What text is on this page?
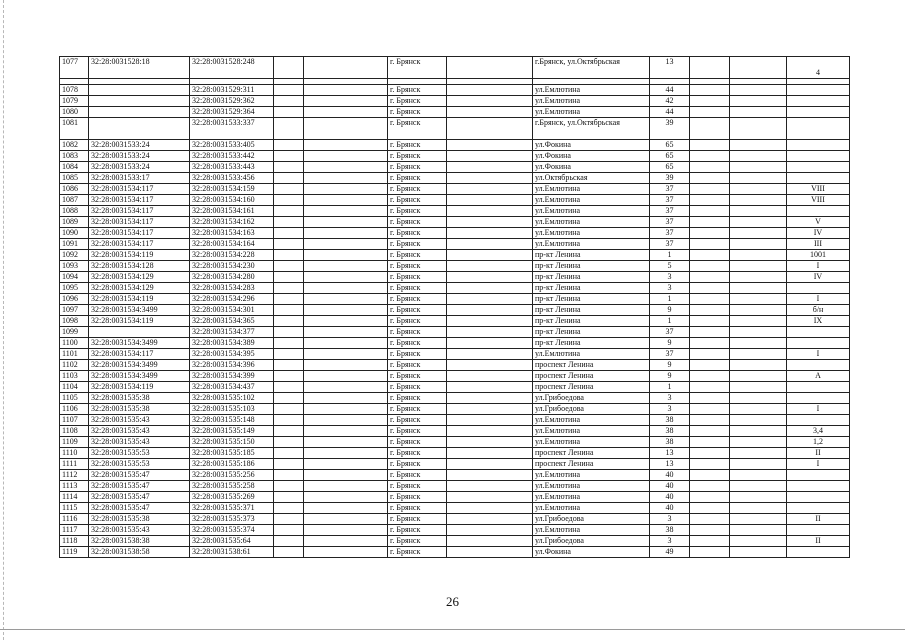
1077	32:28:0031528:18	32:28:0031528:248			г. Брянск		г.Брянск, ул.Октябрьская	13			4

1078		32:28:0031529:311			г. Брянск		ул.Емлютина	44			
1079		32:28:0031529:362			г. Брянск		ул.Емлютина	42			
1080		32:28:0031529:364			г. Брянск		ул.Емлютина	44			
1081		32:28:0031533:337			г. Брянск		г.Брянск, ул.Октябрьская	39			
1082	32:28:0031533:24	32:28:0031533:405			г. Брянск		ул.Фокина	65			
1083	32:28:0031533:24	32:28:0031533:442			г. Брянск		ул.Фокина	65			
1084	32:28:0031533:24	32:28:0031533:443			г. Брянск		ул.Фокина	65			
1085	32:28:0031533:17	32:28:0031533:456			г. Брянск		ул.Октябрьская	39			
1086	32:28:0031534:117	32:28:0031534:159			г. Брянск		ул.Емлютина	37			VIII
1087	32:28:0031534:117	32:28:0031534:160			г. Брянск		ул.Емлютина	37			VIII
1088	32:28:0031534:117	32:28:0031534:161			г. Брянск		ул.Емлютина	37			
1089	32:28:0031534:117	32:28:0031534:162			г. Брянск		ул.Емлютина	37			V
1090	32:28:0031534:117	32:28:0031534:163			г. Брянск		ул.Емлютина	37			IV
1091	32:28:0031534:117	32:28:0031534:164			г. Брянск		ул.Емлютина	37			III
1092	32:28:0031534:119	32:28:0031534:228			г. Брянск		пр-кт Ленина	1			1001
1093	32:28:0031534:128	32:28:0031534:230			г. Брянск		пр-кт Ленина	5			I
1094	32:28:0031534:129	32:28:0031534:280			г. Брянск		пр-кт Ленина	3			IV
1095	32:28:0031534:129	32:28:0031534:283			г. Брянск		пр-кт Ленина	3			
1096	32:28:0031534:119	32:28:0031534:296			г. Брянск		пр-кт Ленина	1			I
1097	32:28:0031534:3499	32:28:0031534:301			г. Брянск		пр-кт Ленина	9			б/н
1098	32:28:0031534:119	32:28:0031534:365			г. Брянск		пр-кт Ленина	1			IX
1099		32:28:0031534:377			г. Брянск		пр-кт Ленина	37			
1100	32:28:0031534:3499	32:28:0031534:389			г. Брянск		пр-кт Ленина	9			
1101	32:28:0031534:117	32:28:0031534:395			г. Брянск		ул.Емлютина	37			I
1102	32:28:0031534:3499	32:28:0031534:396			г. Брянск		проспект Ленина	9			
1103	32:28:0031534:3499	32:28:0031534:399			г. Брянск		проспект Ленина	9			А
1104	32:28:0031534:119	32:28:0031534:437			г. Брянск		проспект Ленина	1			
1105	32:28:0031535:38	32:28:0031535:102			г. Брянск		ул.Грибоедова	3			
1106	32:28:0031535:38	32:28:0031535:103			г. Брянск		ул.Грибоедова	3			I
1107	32:28:0031535:43	32:28:0031535:148			г. Брянск		ул.Емлютина	38			
1108	32:28:0031535:43	32:28:0031535:149			г. Брянск		ул.Емлютина	38			3,4
1109	32:28:0031535:43	32:28:0031535:150			г. Брянск		ул.Емлютина	38			1,2
1110	32:28:0031535:53	32:28:0031535:185			г. Брянск		проспект Ленина	13			II
1111	32:28:0031535:53	32:28:0031535:186			г. Брянск		проспект Ленина	13			I
1112	32:28:0031535:47	32:28:0031535:256			г. Брянск		ул.Емлютина	40			
1113	32:28:0031535:47	32:28:0031535:258			г. Брянск		ул.Емлютина	40			
1114	32:28:0031535:47	32:28:0031535:269			г. Брянск		ул.Емлютина	40			
1115	32:28:0031535:47	32:28:0031535:371			г. Брянск		ул.Емлютина	40			
1116	32:28:0031535:38	32:28:0031535:373			г. Брянск		ул.Грибоедова	3			II
1117	32:28:0031535:43	32:28:0031535:374			г. Брянск		ул.Емлютина	38			
1118	32:28:0031538:38	32:28:0031535:64			г. Брянск		ул.Грибоедова	3			II
1119	32:28:0031538:58	32:28:0031538:61			г. Брянск		ул.Фокина	49			
26
